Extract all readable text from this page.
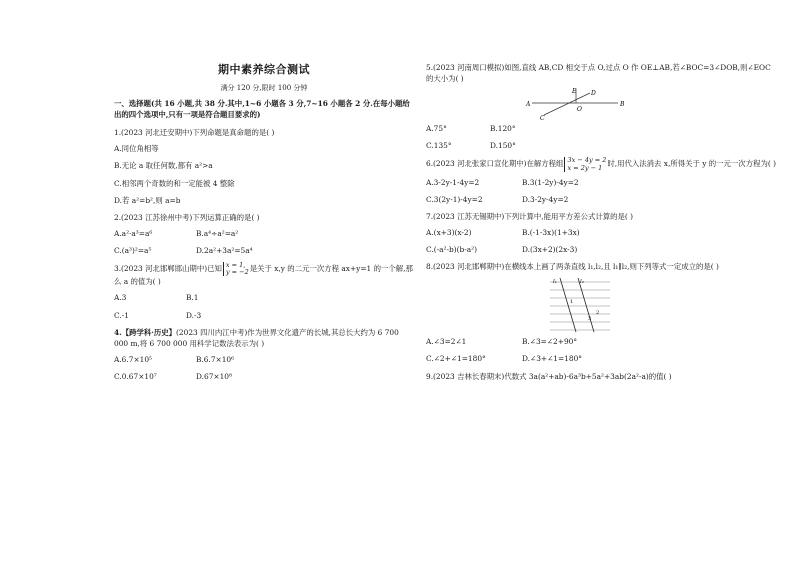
期中素养综合测试
满分 120 分,限时 100 分钟
一、选择题(共 16 小题,共 38 分.其中,1~6 小题各 3 分,7~16 小题各 2 分.在每小题给出的四个选项中,只有一项是符合题目要求的)
1.(2023 河北迁安期中)下列命题是真命题的是( )
A.同位角相等
B.无论 a 取任何数,都有 a²>a
C.相邻两个奇数的和一定能被 4 整除
D.若 a²=b²,则 a=b
2.(2023 江苏徐州中考)下列运算正确的是( )
A.a²·a³=a⁶	B.a⁴÷a²=a²
C.(a³)²=a⁵	D.2a²+3a²=5a⁴
3.(2023 河北邯郸邯山期中)已知 x = 1,
y = −2是关于 x,y 的二元一次方程 ax+y=1 的一个解,那么 a 的值为( )
A.3	B.1
C.-1	D.-3
4.【跨学科·历史】(2023 四川内江中考)作为世界文化遗产的长城,其总长大约为 6 700 000 m,将 6 700 000 用科学记数法表示为( )
A.6.7×10⁵	B.6.7×10⁶
C.0.67×10⁷	D.67×10⁸
5.(2023 河南周口模拟)如图,直线 AB,CD 相交于点 O,过点 O 作 OE⊥AB,若∠BOC=3∠DOB,则∠EOC 的大小为( )
A	B
C
D
E
O
A.75°	B.120°
C.135°	D.150°
6.(2023 河北张家口宣化期中)在解方程组 3x − 4y = 2
x = 2y − 1 时,用代入法消去 x,所得关于 y 的一元一次方程为( )
A.3-2y-1-4y=2	B.3(1-2y)-4y=2
C.3(2y-1)-4y=2	D.3-2y-4y=2
7.(2023 江苏无锡期中)下列计算中,能用平方差公式计算的是( )
A.(x+3)(x-2)	B.(-1-3x)(1+3x)
C.(-a²-b)(b-a²)	D.(3x+2)(2x-3)
8.(2023 河北邯郸期中)在横线本上画了两条直线 l₁,l₂,且 l₁∥l₂,则下列等式一定成立的是( )
l₁	l₂
1
2
3
A.∠3=2∠1	B.∠3=∠2+90°
C.∠2+∠1=180°	D.∠3+∠1=180°
9.(2023 吉林长春期末)代数式 3a(a²+ab)-6a³b+5a²+3ab(2a²-a)的值( )
